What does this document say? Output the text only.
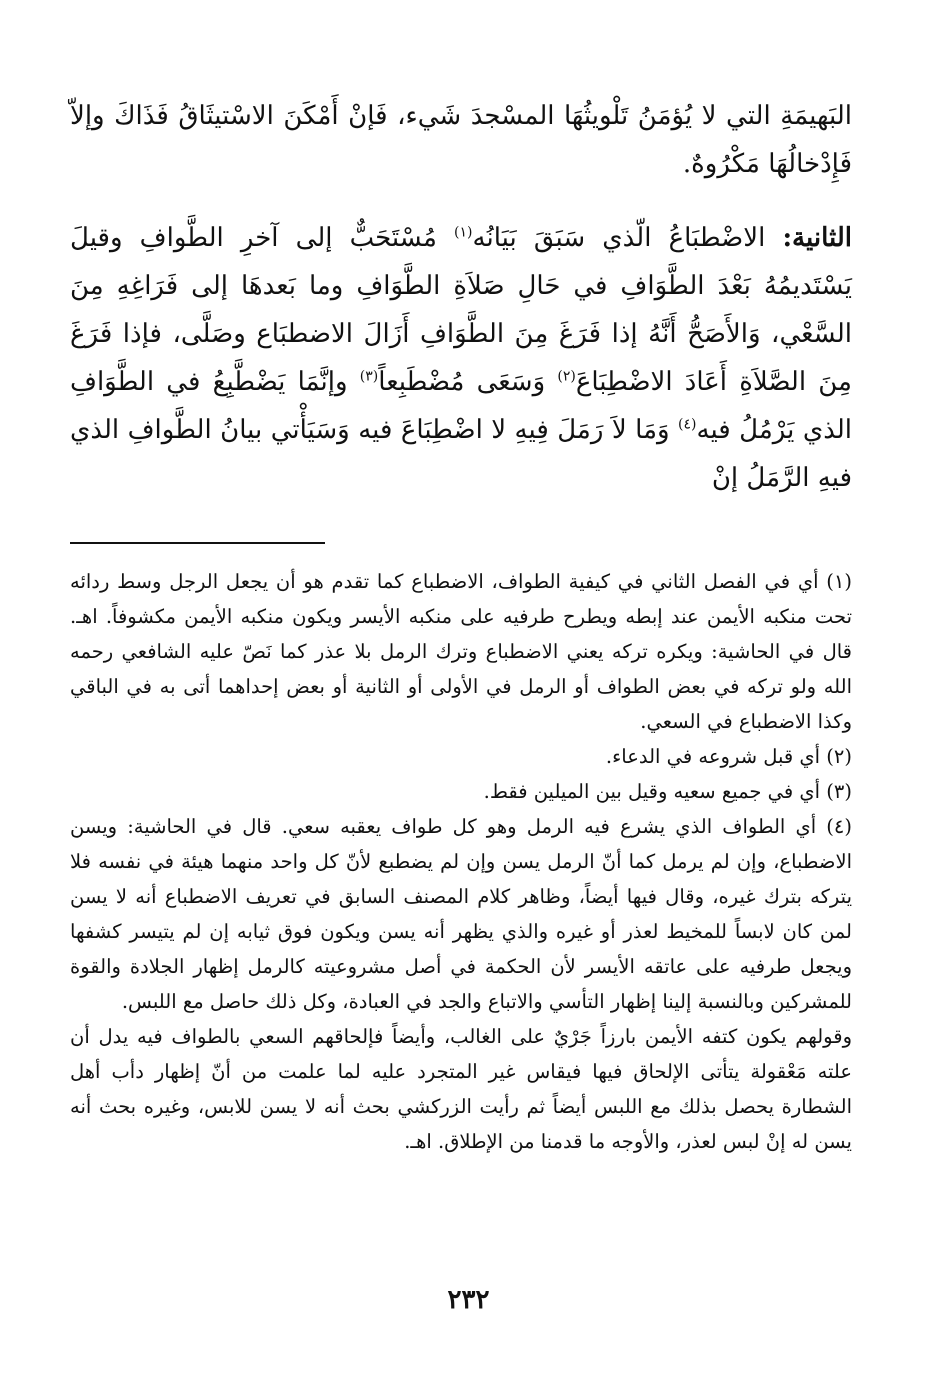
البَهيمَةِ التي لا يُؤمَنُ تَلْويثُهَا المسْجدَ شَيء، فَإنْ أَمْكَنَ الاسْتيثَاقُ فَذَاكَ وإلاّ فَإِدْخالُهَا مَكْرُوهٌ.

الثانية: الاضْطبَاعُ الّذي سَبَقَ بَيَانُه$^{(١)}$ مُسْتَحَبٌّ إلى آخرِ الطَّوافِ وقيلَ يَسْتَديمُهُ بَعْدَ الطَّوَافِ في حَالِ صَلاَةِ الطَّوَافِ وما بَعدهَا إلى فَرَاغِهِ مِنَ السَّعْي، وَالأَصَحُّ أَنَّهُ إذا فَرَغَ مِنَ الطَّوَافِ أَزَالَ الاضطبَاع وصَلَّى، فإذا فَرَغَ مِنَ الصَّلاَةِ أَعَادَ الاضْطِبَاعَ$^{(٢)}$ وَسَعَى مُضْطَبِعاً$^{(٣)}$ وإنَّمَا يَضْطَّبِعُ في الطَّوَافِ الذي يَرْمُلُ فيه$^{(٤)}$ وَمَا لاَ رَمَلَ فِيهِ لا اضْطِبَاعَ فيه وَسَيَأْتي بيانُ الطَّوافِ الذي فيهِ الرَّمَلُ إنْ

(١) أي في الفصل الثاني في كيفية الطواف، الاضطباع كما تقدم هو أن يجعل الرجل وسط ردائه تحت منكبه الأيمن عند إبطه ويطرح طرفيه على منكبه الأيسر ويكون منكبه الأيمن مكشوفاً. اهـ. قال في الحاشية: ويكره تركه يعني الاضطباع وترك الرمل بلا عذر كما نَصّ عليه الشافعي رحمه الله ولو تركه في بعض الطواف أو الرمل في الأولى أو الثانية أو بعض إحداهما أتى به في الباقي وكذا الاضطباع في السعي.

(٢) أي قبل شروعه في الدعاء.

(٣) أي في جميع سعيه وقيل بين الميلين فقط.

(٤) أي الطواف الذي يشرع فيه الرمل وهو كل طواف يعقبه سعي. قال في الحاشية: ويسن الاضطباع، وإن لم يرمل كما أنّ الرمل يسن وإن لم يضطبع لأنّ كل واحد منهما هيئة في نفسه فلا يتركه بترك غيره، وقال فيها أيضاً، وظاهر كلام المصنف السابق في تعريف الاضطباع أنه لا يسن لمن كان لابساً للمخيط لعذر أو غيره والذي يظهر أنه يسن ويكون فوق ثيابه إن لم يتيسر كشفها ويجعل طرفيه على عاتقه الأيسر لأن الحكمة في أصل مشروعيته كالرمل إظهار الجلادة والقوة للمشركين وبالنسبة إلينا إظهار التأسي والاتباع والجد في العبادة، وكل ذلك حاصل مع اللبس.

وقولهم يكون كتفه الأيمن بارزاً جَرْيٌ على الغالب، وأيضاً فإلحاقهم السعي بالطواف فيه يدل أن علته مَعْقولة يتأتى الإلحاق فيها فيقاس غير المتجرد عليه لما علمت من أنّ إظهار دأب أهل الشطارة يحصل بذلك مع اللبس أيضاً ثم رأيت الزركشي بحث أنه لا يسن للابس، وغيره بحث أنه يسن له إنْ لبس لعذر، والأوجه ما قدمنا من الإطلاق. اهـ.

٢٣٢
